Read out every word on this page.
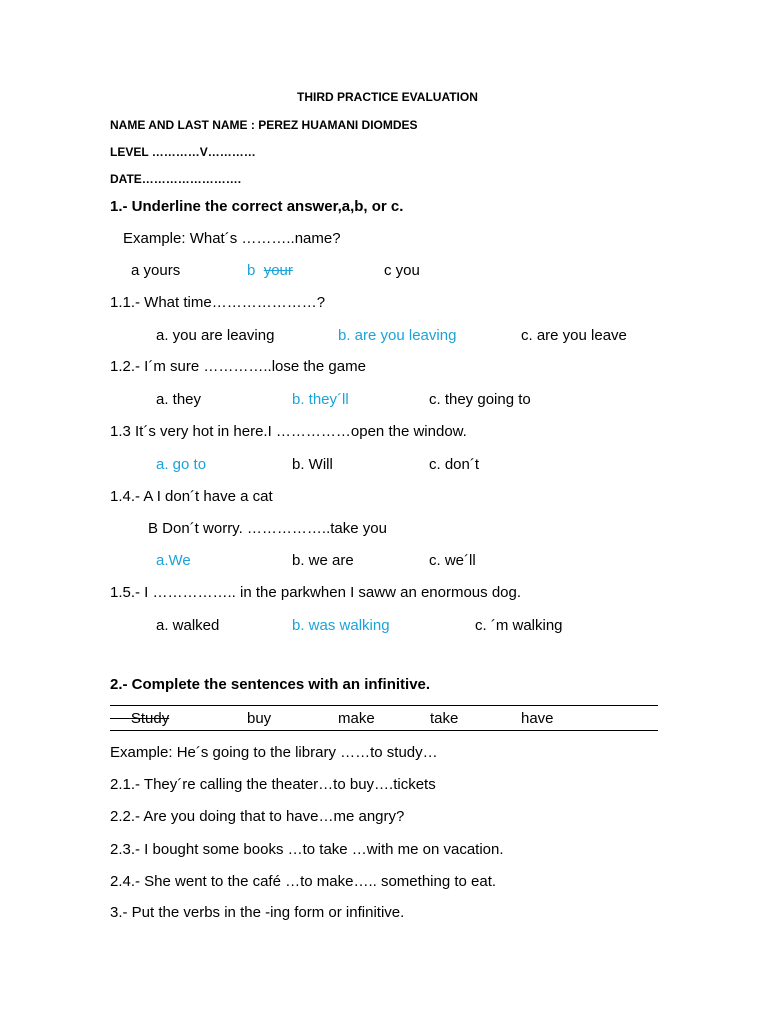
THIRD PRACTICE EVALUATION
NAME AND LAST NAME : PEREZ HUAMANI DIOMDES
LEVEL …………V…………
DATE…………………….
1.- Underline the correct answer,a,b, or c.
Example: What´s ………..name?
a yours	b your	c you
1.1.- What time…………………?
a. you are leaving	b. are you leaving	c. are you leave
1.2.- I´m sure …………..lose the game
a. they	b. they´ll	c. they going to
1.3 It´s very hot in here.I ……………open the window.
a. go to	b. Will	c. don´t
1.4.- A I don´t have a cat
B Don´t worry. ……………..take you
a.We	b. we are	c. we´ll
1.5.- I …………….. in the parkwhen I saww an enormous dog.
a. walked	b. was walking	c. ´m walking
2.- Complete the sentences with an infinitive.
Study	buy	make	take	have
Example: He´s going to the library ……to study…
2.1.- They´re calling the theater…to buy….tickets
2.2.- Are you doing that to have…me angry?
2.3.- I bought some books …to take …with me on vacation.
2.4.- She went to the café …to make….. something to eat.
3.- Put the verbs in the -ing form or infinitive.
